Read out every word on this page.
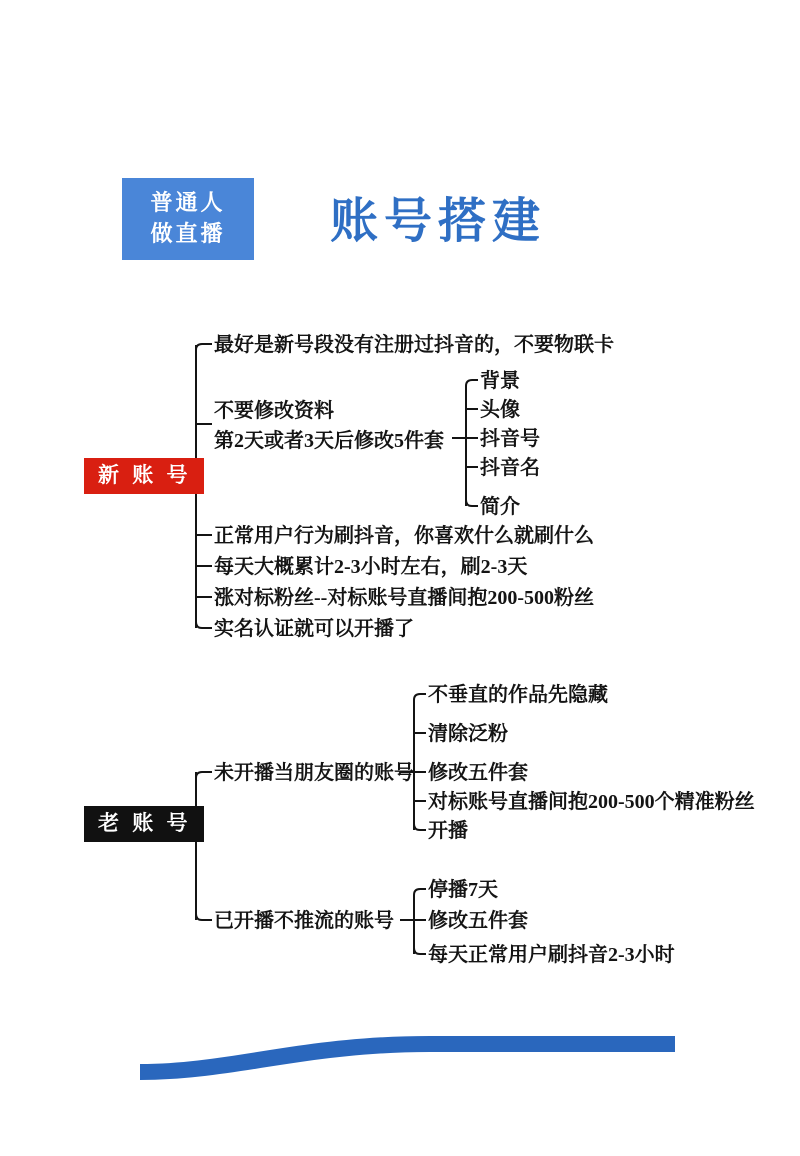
普通人
做直播 账号搭建
新 账 号
老 账 号
最好是新号段没有注册过抖音的，不要物联卡
不要修改资料
第2天或者3天后修改5件套
正常用户行为刷抖音，你喜欢什么就刷什么
每天大概累计2-3小时左右，刷2-3天
涨对标粉丝--对标账号直播间抱200-500粉丝
实名认证就可以开播了
背景
头像
抖音号
抖音名
简介
未开播当朋友圈的账号
已开播不推流的账号
不垂直的作品先隐藏
清除泛粉
修改五件套
对标账号直播间抱200-500个精准粉丝
开播
停播7天
修改五件套
每天正常用户刷抖音2-3小时
